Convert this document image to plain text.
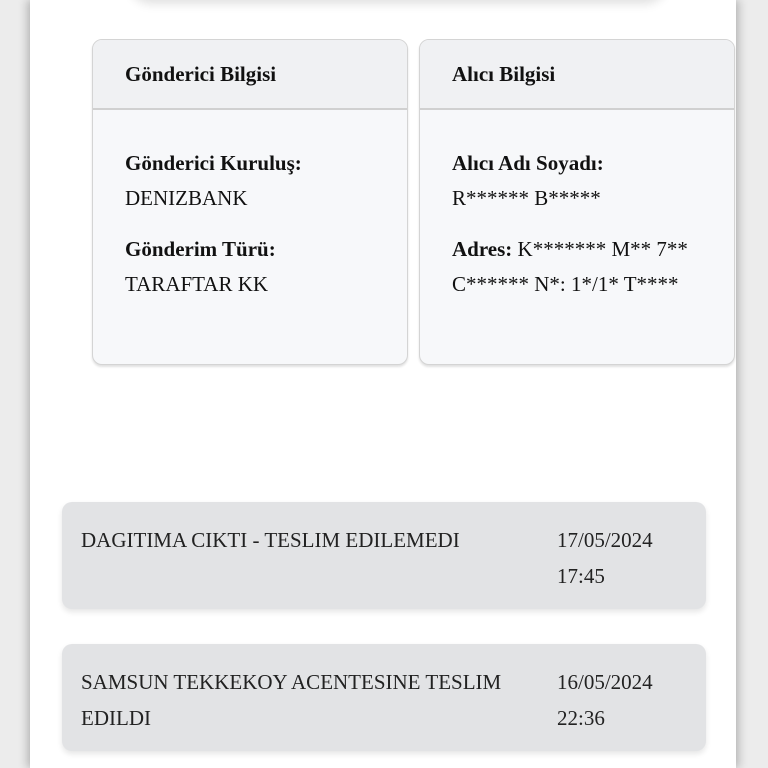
Gönderici Bilgisi
Gönderici Kuruluş:
DENIZBANK
Gönderim Türü:
TARAFTAR KK
Alıcı Bilgisi
Alıcı Adı Soyadı:
R****** B*****
Adres: K******* M** 7** C****** N*: 1*/1* T****
DAGITIMA CIKTI - TESLIM EDILEMEDI	17/05/2024
17:45
SAMSUN TEKKEKOY ACENTESINE TESLIM EDILDI
16/05/2024
22:36
